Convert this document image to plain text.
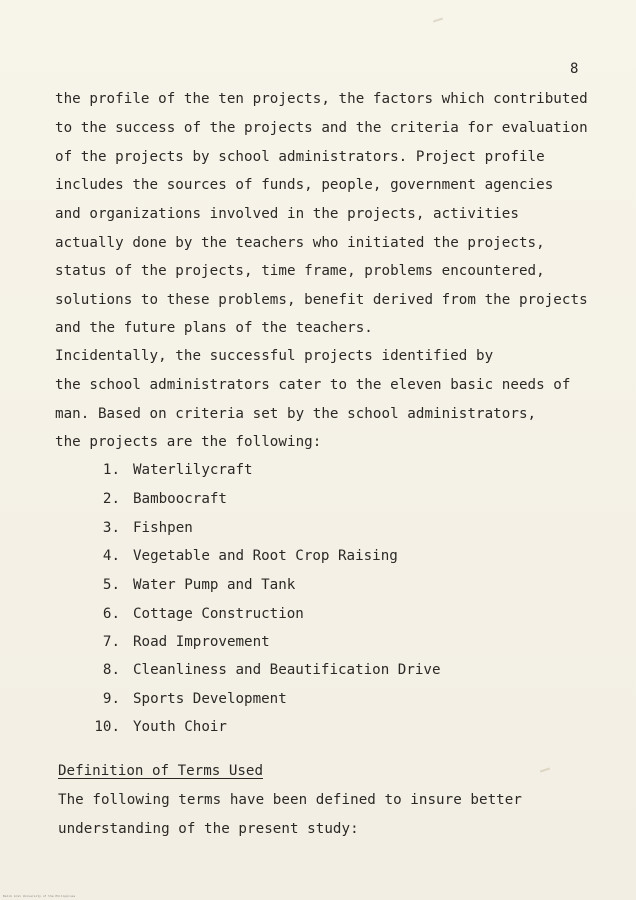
8
the profile of the ten projects, the factors which contributed
to the success of the projects and the criteria for evaluation
of the projects by school administrators. Project profile
includes the sources of funds, people, government agencies
and organizations involved in the projects, activities
actually done by the teachers who initiated the projects,
status of the projects, time frame, problems encountered,
solutions to these problems, benefit derived from the projects
and the future plans of the teachers.
Incidentally, the successful projects identified by
the school administrators cater to the eleven basic needs of
man. Based on criteria set by the school administrators,
the projects are the following:
1. Waterlilycraft
2. Bamboocraft
3. Fishpen
4. Vegetable and Root Crop Raising
5. Water Pump and Tank
6. Cottage Construction
7. Road Improvement
8. Cleanliness and Beautification Drive
9. Sports Development
10. Youth Choir
Definition of Terms Used
The following terms have been defined to insure better
understanding of the present study:
Balik Aral University of the Philippines
